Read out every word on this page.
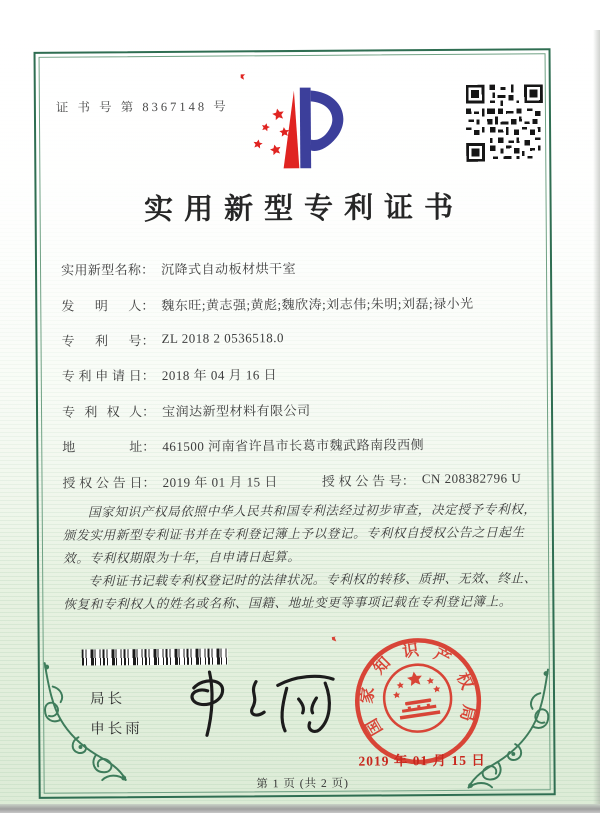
证 书 号 第 8367148 号
实用新型专利证书
实用新型名称 ： 沉降式自动板材烘干室
发明人 ： 魏东旺;黄志强;黄彪;魏欣涛;刘志伟;朱明;刘磊;禄小光
专利号 ： ZL 2018 2 0536518.0
专利申请日 ： 2018 年 04 月 16 日
专利权人 ： 宝润达新型材料有限公司
地址 ： 461500 河南省许昌市长葛市魏武路南段西侧
授权公告日 ： 2019 年 01 月 15 日	授权公告号 ： CN 208382796 U

国家知识产权局依照中华人民共和国专利法经过初步审查，决定授予专利权，颁发实用新型专利证书并在专利登记簿上予以登记。专利权自授权公告之日起生效。专利权期限为十年，自申请日起算。

专利证书记载专利权登记时的法律状况。专利权的转移、质押、无效、终止、恢复和专利权人的姓名或名称、国籍、地址变更等事项记载在专利登记簿上。

局长
申长雨	国
家
知
识 产
权
局
2019 年 01 月 15 日
第 1 页 (共 2 页)
